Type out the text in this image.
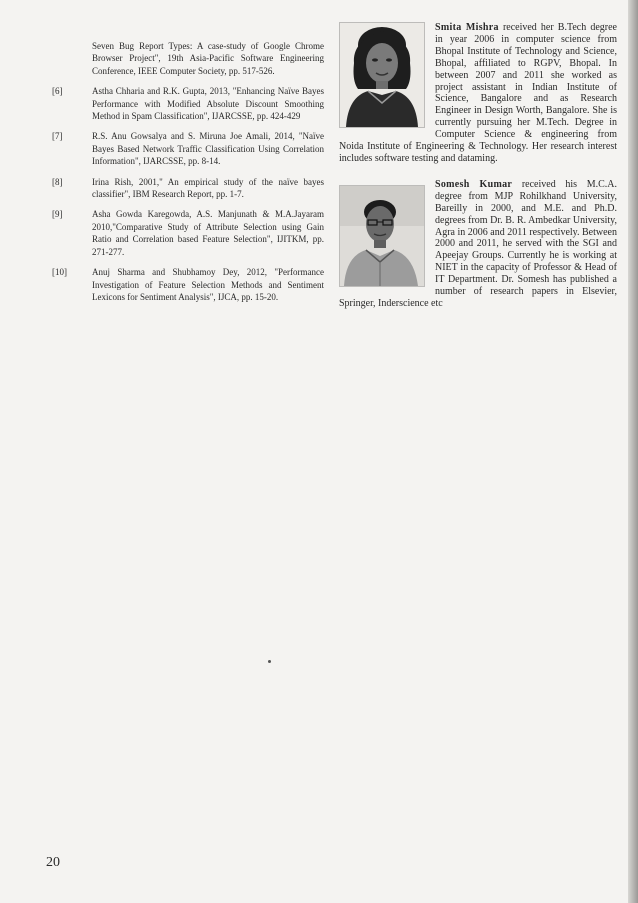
Seven Bug Report Types: A case-study of Google Chrome Browser Project", 19th Asia-Pacific Software Engineering Conference, IEEE Computer Society, pp. 517-526.
[6]	Astha Chharia and R.K. Gupta, 2013, "Enhancing Naïve Bayes Performance with Modified Absolute Discount Smoothing Method in Spam Classification", IJARCSSE, pp. 424-429
[7]	R.S. Anu Gowsalya and S. Miruna Joe Amali, 2014, "Naïve Bayes Based Network Traffic Classification Using Correlation Information", IJARCSSE, pp. 8-14.
[8]	Irina Rish, 2001," An empirical study of the naïve bayes classifier", IBM Research Report, pp. 1-7.
[9]	Asha Gowda Karegowda, A.S. Manjunath & M.A.Jayaram 2010,"Comparative Study of Attribute Selection using Gain Ratio and Correlation based Feature Selection", IJITKM, pp. 271-277.
[10]	Anuj Sharma and Shubhamoy Dey, 2012, "Performance Investigation of Feature Selection Methods and Sentiment Lexicons for Sentiment Analysis", IJCA, pp. 15-20.

Smita Mishra received her B.Tech degree in year 2006 in computer science from Bhopal Institute of Technology and Science, Bhopal, affiliated to RGPV, Bhopal. In between 2007 and 2011 she worked as project assistant in Indian Institute of Science, Bangalore and as Research Engineer in Design Worth, Bangalore. She is currently pursuing her M.Tech. Degree in Computer Science & engineering from Noida Institute of Engineering & Technology. Her research interest includes software testing and dataming.

Somesh Kumar received his M.C.A. degree from MJP Rohilkhand University, Bareilly in 2000, and M.E. and Ph.D. degrees from Dr. B. R. Ambedkar University, Agra in 2006 and 2011 respectively. Between 2000 and 2011, he served with the SGI and Apeejay Groups. Currently he is working at NIET in the capacity of Professor & Head of IT Department. Dr. Somesh has published a number of research papers in Elsevier, Springer, Inderscience etc

20
